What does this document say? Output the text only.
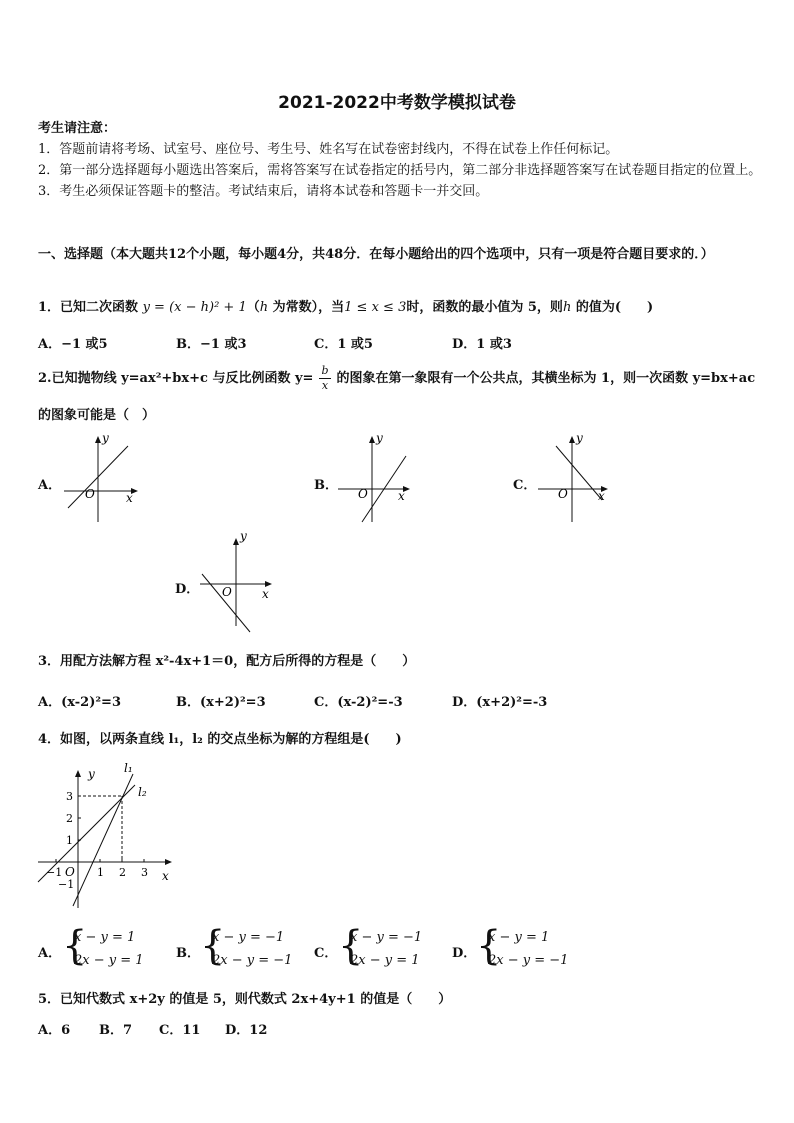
2021-2022中考数学模拟试卷

考生请注意：

1．答题前请将考场、试室号、座位号、考生号、姓名写在试卷密封线内，不得在试卷上作任何标记。

2．第一部分选择题每小题选出答案后，需将答案写在试卷指定的括号内，第二部分非选择题答案写在试卷题目指定的位置上。

3．考生必须保证答题卡的整洁。考试结束后，请将本试卷和答题卡一并交回。

一、选择题（本大题共12个小题，每小题4分，共48分．在每小题给出的四个选项中，只有一项是符合题目要求的．）
1．已知二次函数 y = (x − h)² + 1（h 为常数），当1 ≤ x ≤ 3时，函数的最小值为 5，则h 的值为(　　)
A．−1 或5	B．−1 或3	C．1 或5	D．1 或3
2.已知抛物线 y=ax²+bx+c 与反比例函数 $y= \frac{b}{x}$ 的图象在第一象限有一个公共点，其横坐标为 1，则一次函数 y=bx+ac
的图象可能是（　）
A．
y
x
O
B．
y
x
O
C．
y
x
O
D．
y
x
O
3．用配方法解方程 x²-4x+1＝0，配方后所得的方程是（　　）
A．(x-2)²=3	B．(x+2)²=3	C．(x-2)²=-3	D．(x+2)²=-3
4．如图，以两条直线 l₁，l₂ 的交点坐标为解的方程组是(　　)
l₁
l₂
y
x
O
−1	1 2 3
3
2
1
−1
A． {
x − y = 1
2x − y = 1 B． {
x − y = −1
2x − y = −1 C． {
x − y = −1
2x − y = 1 D． {
x − y = 1
2x − y = −1
5．已知代数式 x+2y 的值是 5，则代数式 2x+4y+1 的值是（　　）
A．6 B．7 C．11 D．12
